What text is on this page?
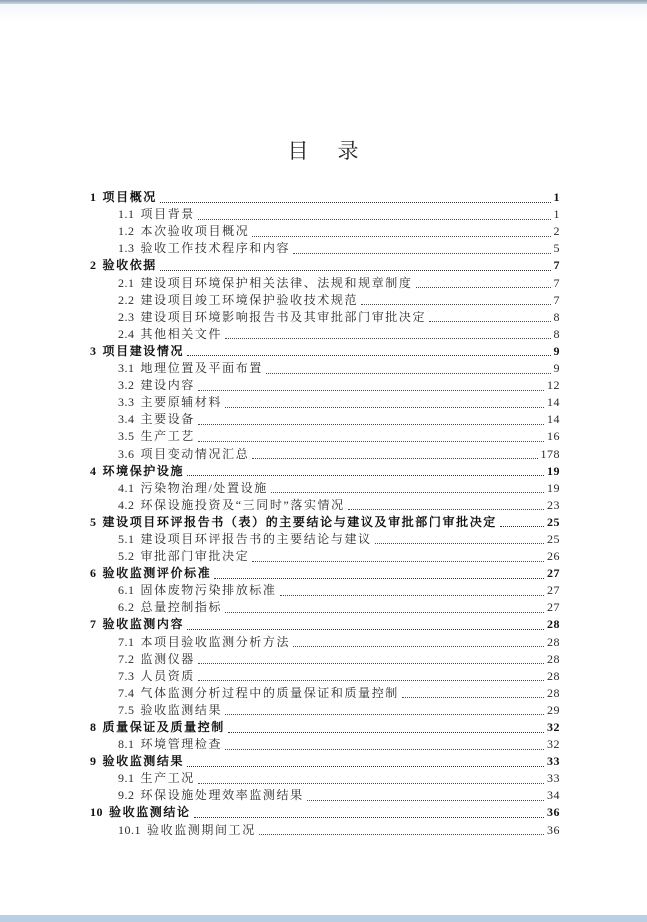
目　录
1 项目概况	1
1.1 项目背景	1
1.2 本次验收项目概况	2
1.3 验收工作技术程序和内容	5
2 验收依据	7
2.1 建设项目环境保护相关法律、法规和规章制度	7
2.2 建设项目竣工环境保护验收技术规范	7
2.3 建设项目环境影响报告书及其审批部门审批决定	8
2.4 其他相关文件	8
3 项目建设情况	9
3.1 地理位置及平面布置	9
3.2 建设内容	12
3.3 主要原辅材料	14
3.4 主要设备	14
3.5 生产工艺	16
3.6 项目变动情况汇总	178
4 环境保护设施	19
4.1 污染物治理/处置设施	19
4.2 环保设施投资及“三同时”落实情况	23
5 建设项目环评报告书（表）的主要结论与建议及审批部门审批决定	25
5.1 建设项目环评报告书的主要结论与建议	25
5.2 审批部门审批决定	26
6 验收监测评价标准	27
6.1 固体废物污染排放标准	27
6.2 总量控制指标	27
7 验收监测内容	28
7.1 本项目验收监测分析方法	28
7.2 监测仪器	28
7.3 人员资质	28
7.4 气体监测分析过程中的质量保证和质量控制	28
7.5 验收监测结果	29
8 质量保证及质量控制	32
8.1 环境管理检查	32
9 验收监测结果	33
9.1 生产工况	33
9.2 环保设施处理效率监测结果	34
10 验收监测结论	36
10.1 验收监测期间工况	36
